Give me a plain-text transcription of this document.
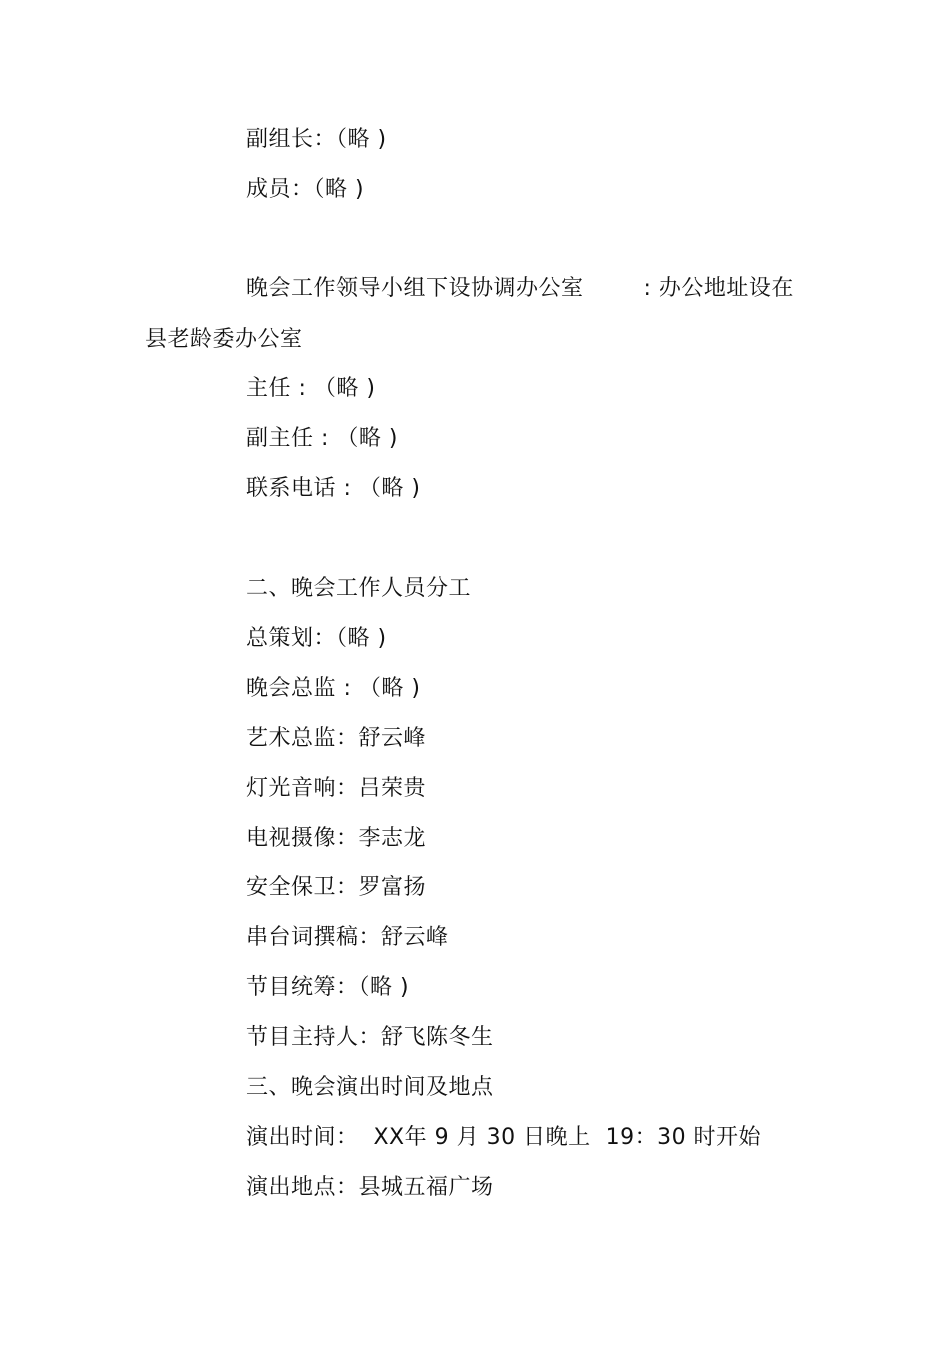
副组长：（略 )
成员：（略 )
晚会工作领导小组下设协调办公室        : 办公地址设在
县老龄委办公室
主任 : （略 )
副主任 : （略 )
联系电话 : （略 )
二、晚会工作人员分工
总策划：（略 )
晚会总监 : （略 )
艺术总监：舒云峰
灯光音响：吕荣贵
电视摄像：李志龙
安全保卫：罗富扬
串台词撰稿：舒云峰
节目统筹：（略 )
节目主持人：舒飞陈冬生
三、晚会演出时间及地点
演出时间：  XX年 9 月 30 日晚上  19：30 时开始
演出地点：县城五福广场
